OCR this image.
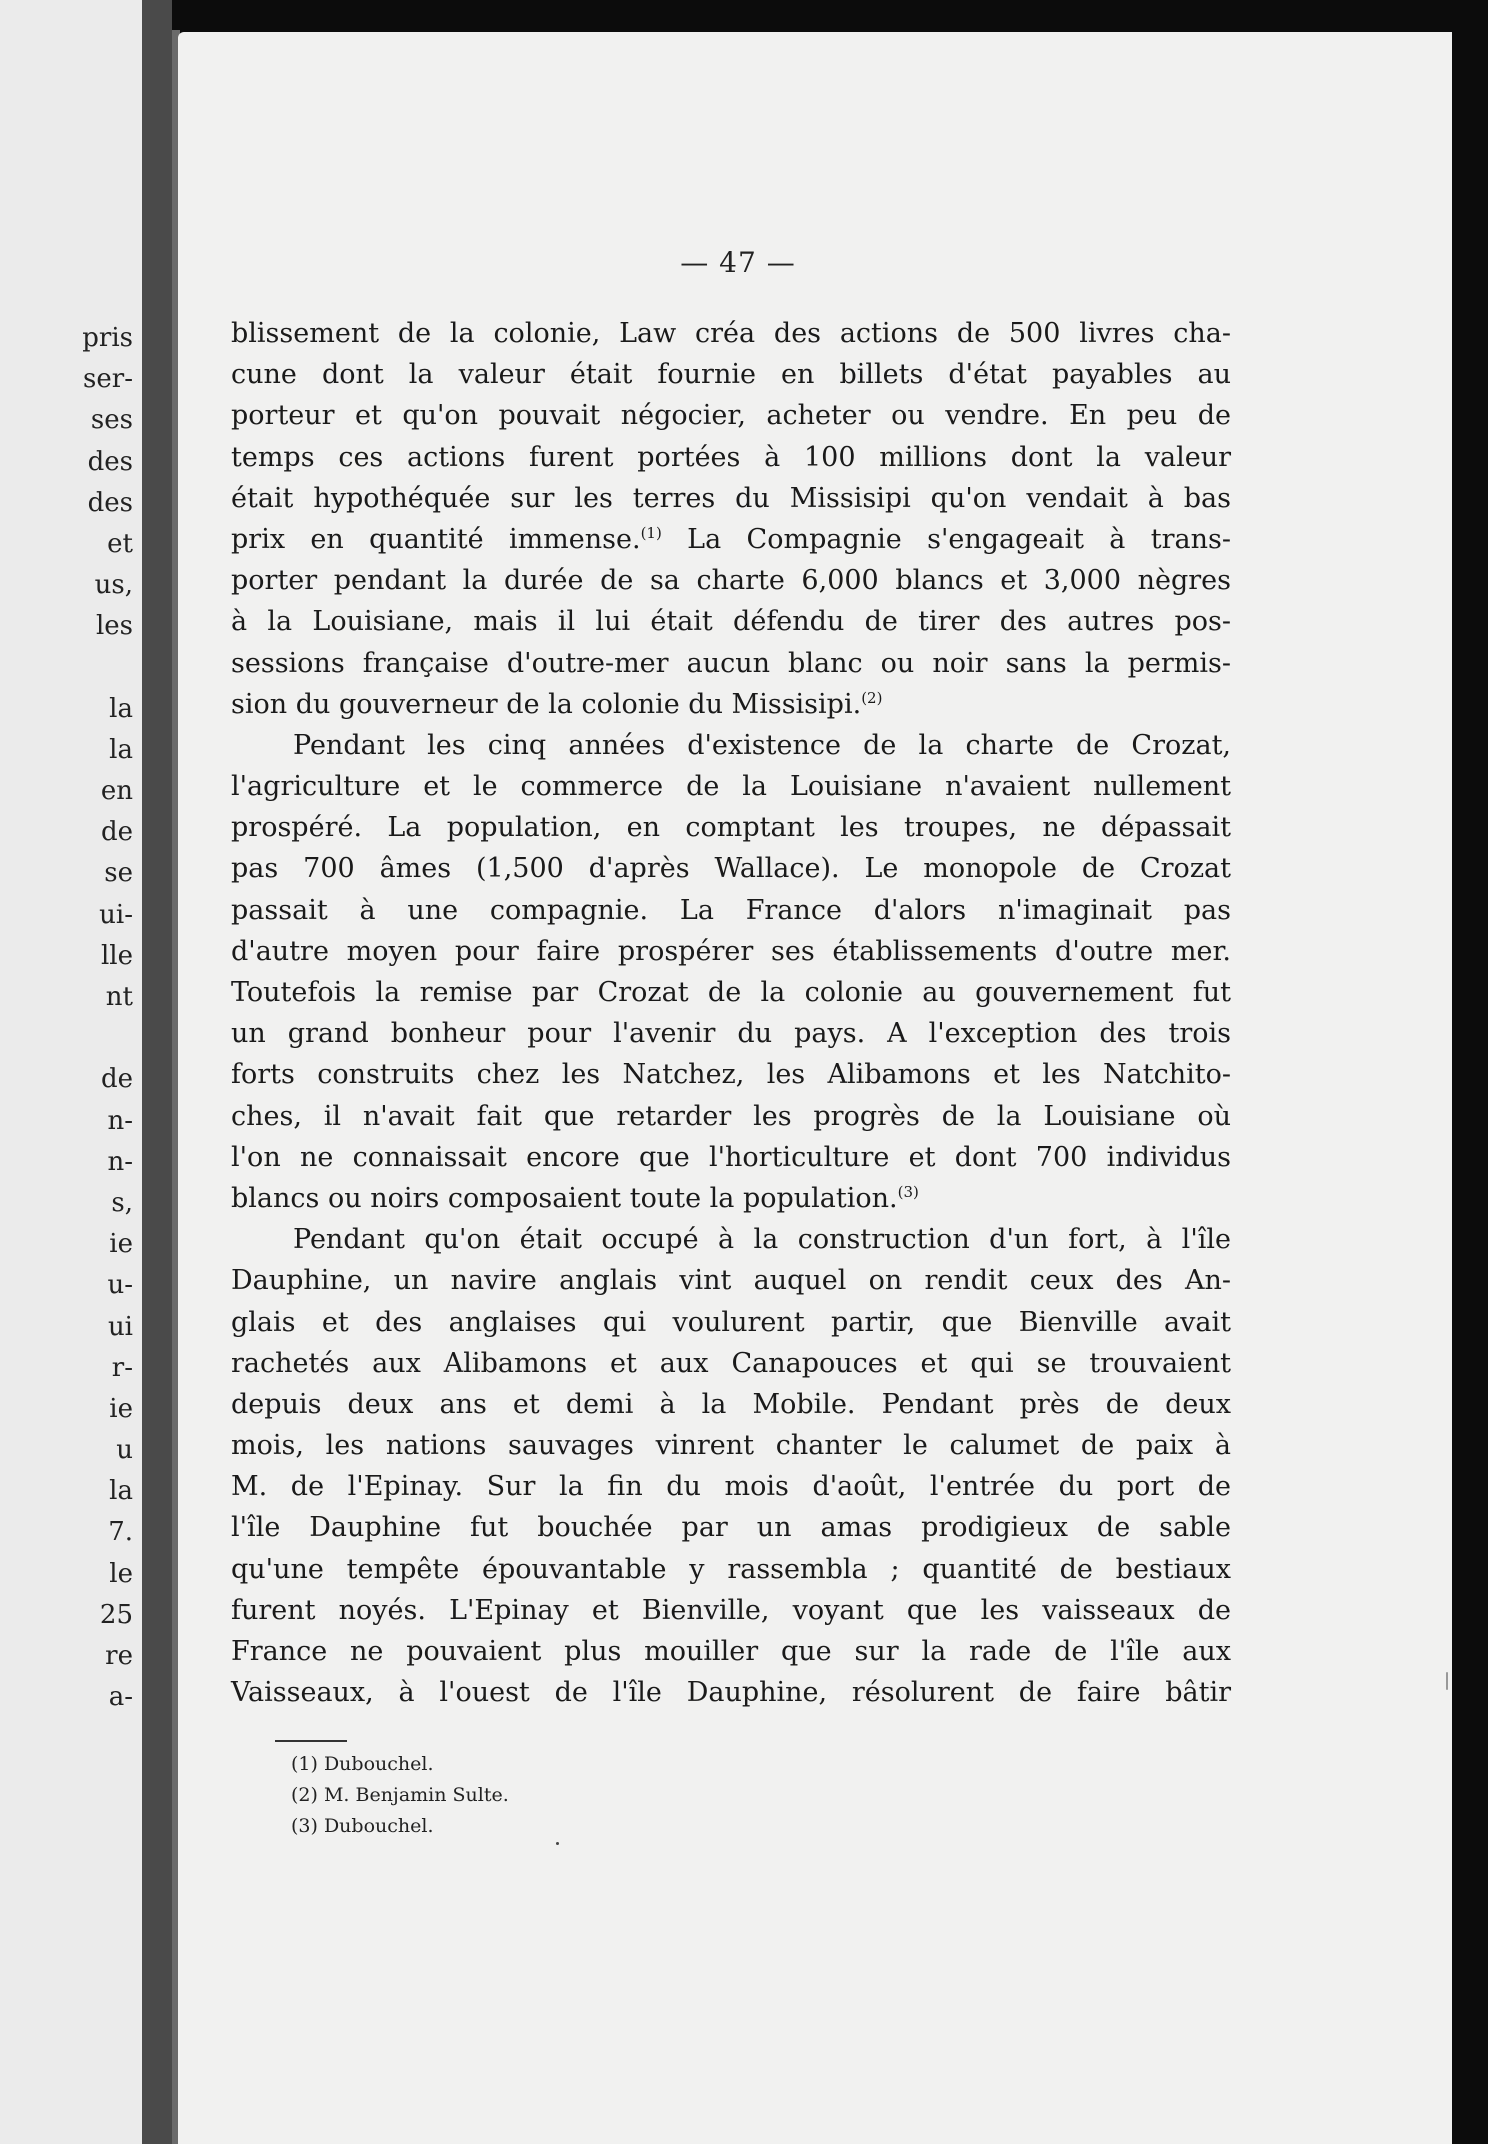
pris
ser-
ses
des
des
et
us,
les
la
la
en
de
se
ui-
lle
nt
de
n-
n-
s,
ie
u-
ui
r-
ie
u
la
7.
le
25
re
a-

— 47 —

blissement de la colonie, Law créa des actions de 500 livres cha-
cune dont la valeur était fournie en billets d'état payables au
porteur et qu'on pouvait négocier, acheter ou vendre. En peu de
temps ces actions furent portées à 100 millions dont la valeur
était hypothéquée sur les terres du Missisipi qu'on vendait à bas
prix en quantité immense.$^{(1)}$ La Compagnie s'engageait à trans-
porter pendant la durée de sa charte 6,000 blancs et 3,000 nègres
à la Louisiane, mais il lui était défendu de tirer des autres pos-
sessions française d'outre-mer aucun blanc ou noir sans la permis-
sion du gouverneur de la colonie du Missisipi.$^{(2)}$
Pendant les cinq années d'existence de la charte de Crozat,
l'agriculture et le commerce de la Louisiane n'avaient nullement
prospéré. La population, en comptant les troupes, ne dépassait
pas 700 âmes (1,500 d'après Wallace). Le monopole de Crozat
passait à une compagnie. La France d'alors n'imaginait pas
d'autre moyen pour faire prospérer ses établissements d'outre mer.
Toutefois la remise par Crozat de la colonie au gouvernement fut
un grand bonheur pour l'avenir du pays. A l'exception des trois
forts construits chez les Natchez, les Alibamons et les Natchito-
ches, il n'avait fait que retarder les progrès de la Louisiane où
l'on ne connaissait encore que l'horticulture et dont 700 individus
blancs ou noirs composaient toute la population.$^{(3)}$
Pendant qu'on était occupé à la construction d'un fort, à l'île
Dauphine, un navire anglais vint auquel on rendit ceux des An-
glais et des anglaises qui voulurent partir, que Bienville avait
rachetés aux Alibamons et aux Canapouces et qui se trouvaient
depuis deux ans et demi à la Mobile. Pendant près de deux
mois, les nations sauvages vinrent chanter le calumet de paix à
M. de l'Epinay. Sur la fin du mois d'août, l'entrée du port de
l'île Dauphine fut bouchée par un amas prodigieux de sable
qu'une tempête épouvantable y rassembla ; quantité de bestiaux
furent noyés. L'Epinay et Bienville, voyant que les vaisseaux de
France ne pouvaient plus mouiller que sur la rade de l'île aux
Vaisseaux, à l'ouest de l'île Dauphine, résolurent de faire bâtir
(1) Dubouchel.
(2) M. Benjamin Sulte.
(3) Dubouchel.
